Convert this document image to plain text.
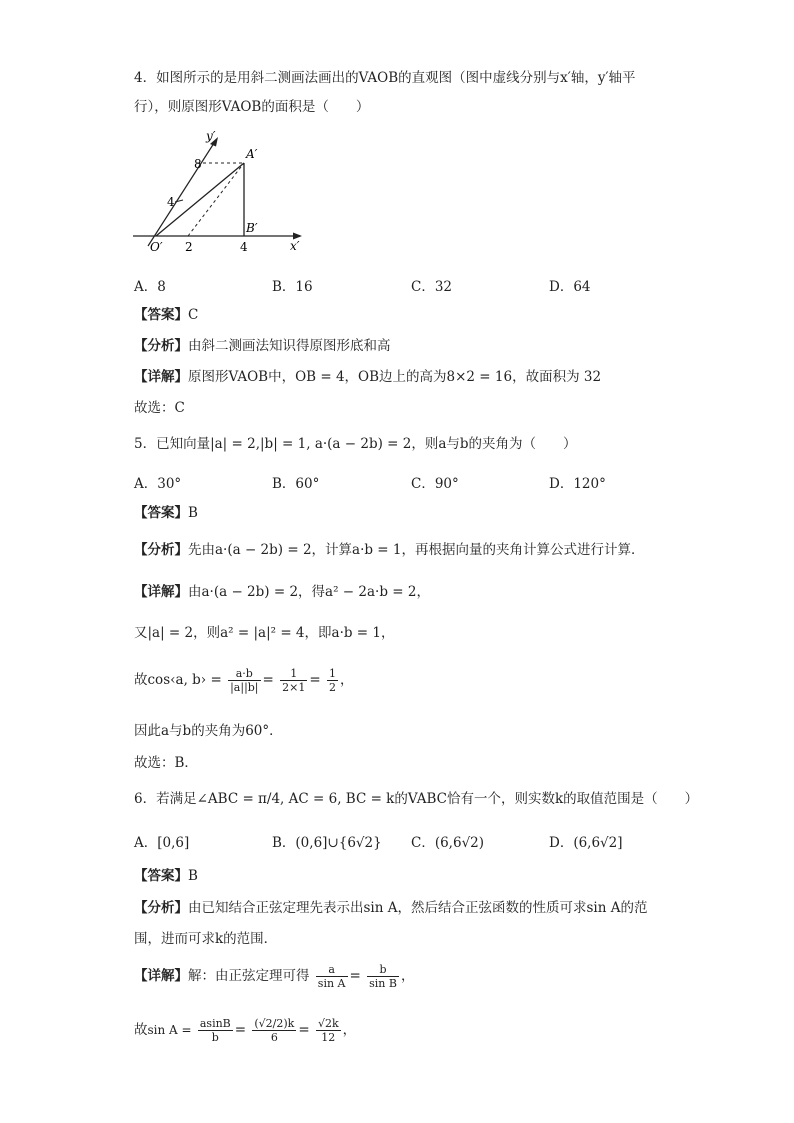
4．如图所示的是用斜二测画法画出的VAOB的直观图（图中虚线分别与x′轴，y′轴平
行），则原图形VAOB的面积是（　　）
y′
x′
A′
B′
O′
8
4
2	4
A．8	B．16	C．32	D．64
【答案】C
【分析】由斜二测画法知识得原图形底和高
【详解】原图形VAOB中，OB = 4，OB边上的高为8×2 = 16，故面积为 32
故选：C
5．已知向量|a| = 2,|b| = 1, a·(a − 2b) = 2，则a与b的夹角为（　　）
A．30°	B．60°	C．90°	D．120°
【答案】B
【分析】先由a·(a − 2b) = 2，计算a·b = 1，再根据向量的夹角计算公式进行计算．
【详解】由a·(a − 2b) = 2，得a² − 2a·b = 2，
又|a| = 2，则a² = |a|² = 4，即a·b = 1，
故cos‹a, b› = $\frac{a\cdot b}{|a||b|} = \frac{1}{2\times 1} = \frac{1}{2}$ ，
因此a与b的夹角为60°．
故选：B．
6．若满足∠ABC = π/4, AC = 6, BC = k的VABC恰有一个，则实数k的取值范围是（　　）
A．[0,6]	B．(0,6]∪{6√2} C．(6,6√2)	D．(6,6√2]
【答案】B
【分析】由已知结合正弦定理先表示出sin A，然后结合正弦函数的性质可求sin A的范
围，进而可求k的范围．
【详解】解：由正弦定理可得 $\frac{a}{\text{sin A}} = \frac{b}{\text{sin B}}$ ，
故$\sin A = \frac{asinB}{b} = \frac{(√2/2)k}{6} = \frac{√2k}{12}$ ，
